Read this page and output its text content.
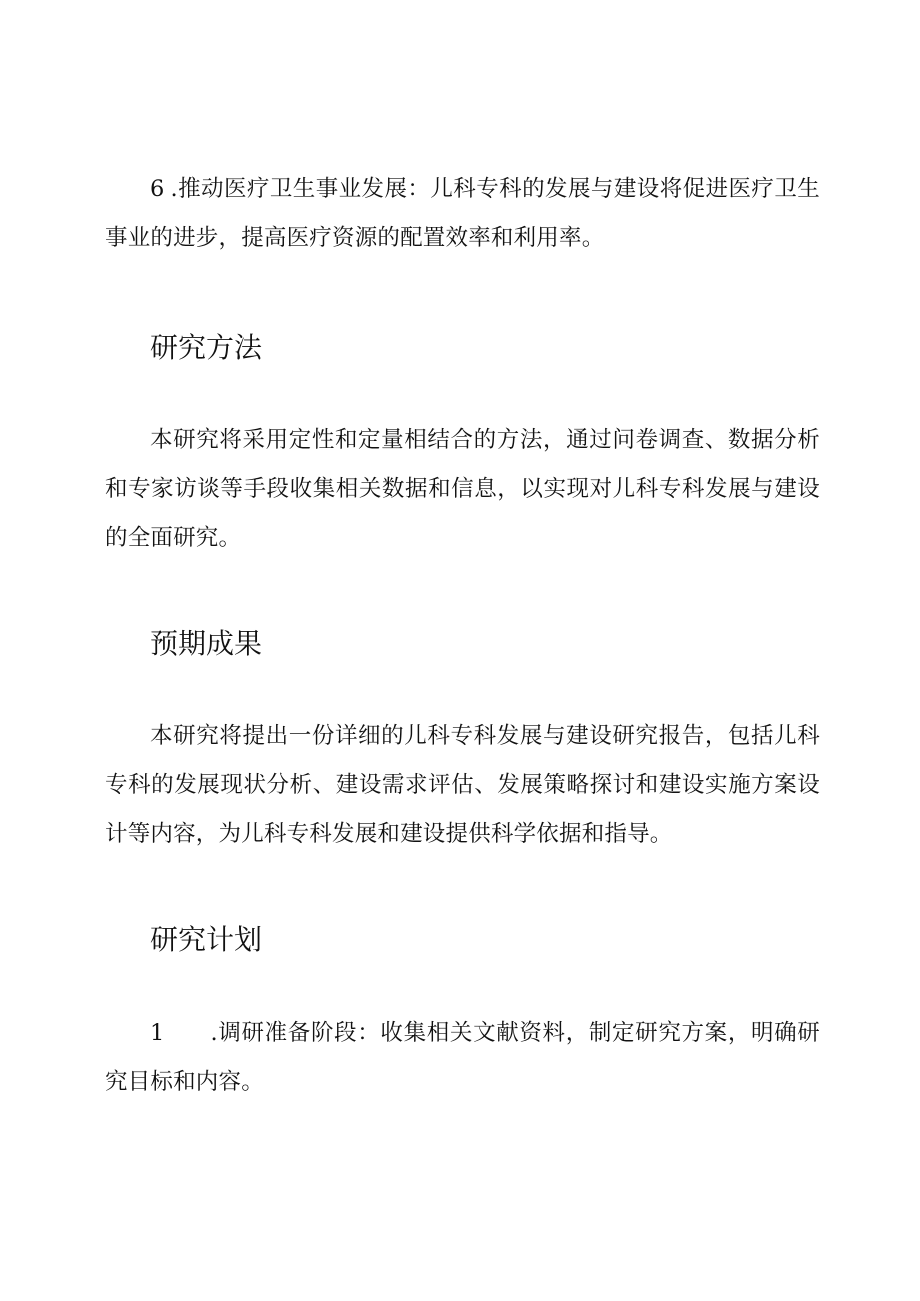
6 .推动医疗卫生事业发展：儿科专科的发展与建设将促进医疗卫生事业的进步，提高医疗资源的配置效率和利用率。

研究方法

本研究将采用定性和定量相结合的方法，通过问卷调查、数据分析和专家访谈等手段收集相关数据和信息，以实现对儿科专科发展与建设的全面研究。

预期成果

本研究将提出一份详细的儿科专科发展与建设研究报告，包括儿科专科的发展现状分析、建设需求评估、发展策略探讨和建设实施方案设计等内容，为儿科专科发展和建设提供科学依据和指导。

研究计划

1 .调研准备阶段：收集相关文献资料，制定研究方案，明确研究目标和内容。
